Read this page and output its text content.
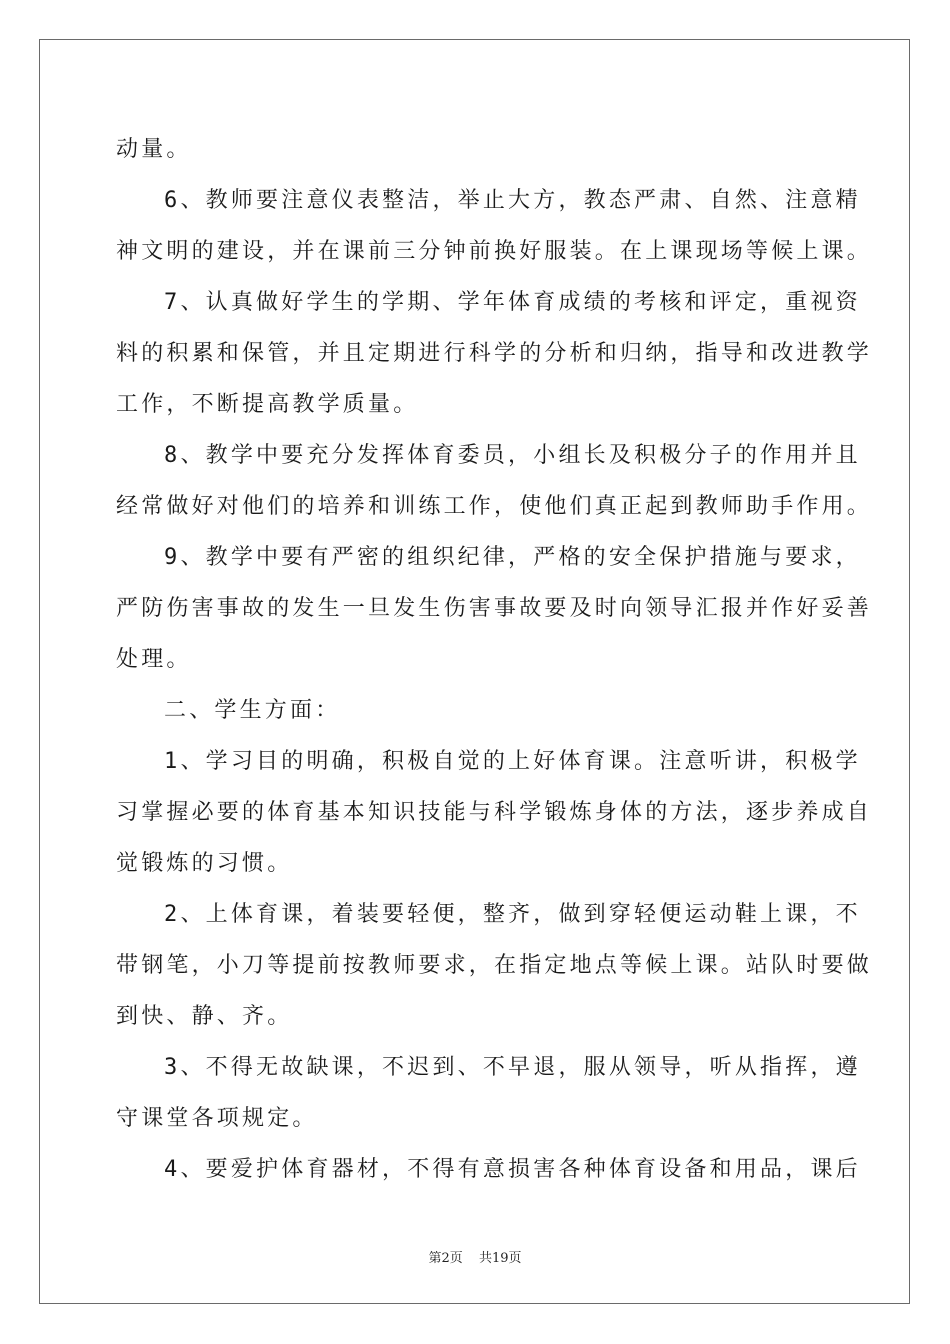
动量。
6、教师要注意仪表整洁，举止大方，教态严肃、自然、注意精
神文明的建设，并在课前三分钟前换好服装。在上课现场等候上课。
7、认真做好学生的学期、学年体育成绩的考核和评定，重视资
料的积累和保管，并且定期进行科学的分析和归纳，指导和改进教学
工作，不断提高教学质量。
8、教学中要充分发挥体育委员，小组长及积极分子的作用并且
经常做好对他们的培养和训练工作，使他们真正起到教师助手作用。
9、教学中要有严密的组织纪律，严格的安全保护措施与要求，
严防伤害事故的发生一旦发生伤害事故要及时向领导汇报并作好妥善
处理。
二、学生方面：
1、学习目的明确，积极自觉的上好体育课。注意听讲，积极学
习掌握必要的体育基本知识技能与科学锻炼身体的方法，逐步养成自
觉锻炼的习惯。
2、上体育课，着装要轻便，整齐，做到穿轻便运动鞋上课，不
带钢笔，小刀等提前按教师要求，在指定地点等候上课。站队时要做
到快、静、齐。
3、不得无故缺课，不迟到、不早退，服从领导，听从指挥，遵
守课堂各项规定。
4、要爱护体育器材，不得有意损害各种体育设备和用品，课后
第2页 共19页
